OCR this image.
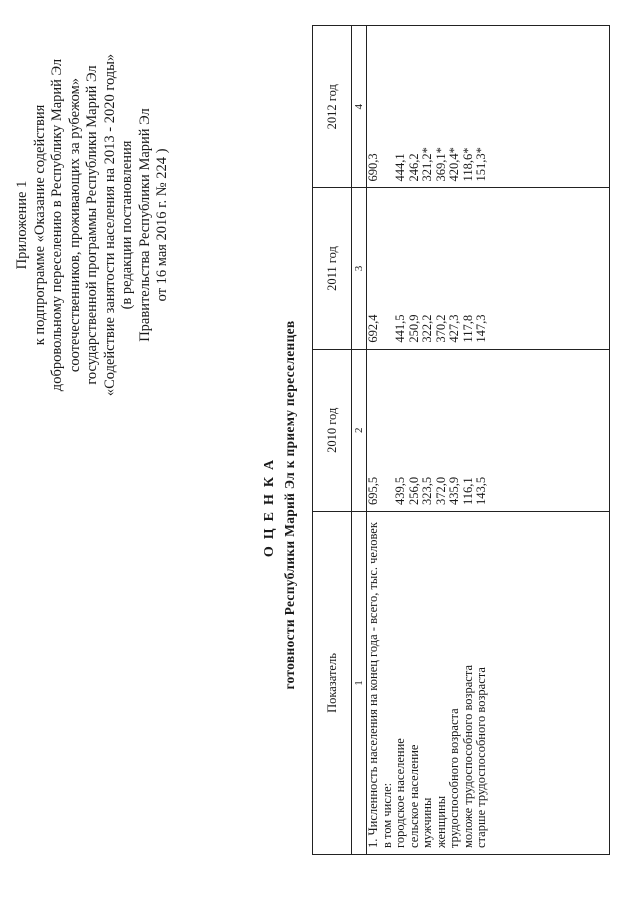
Приложение 1 к подпрограмме «Оказание содействия добровольному переселению в Республику Марий Эл соотечественников, проживающих за рубежом» государственной программы Республики Марий Эл «Содействие занятости населения на 2013 - 2020 годы» (в редакции постановления Правительства Республики Марий Эл от 16 мая 2016 г. № 224 )
ОЦЕНКА готовности Республики Марий Эл к приему переселенцев Показатель	2010 год	2011 год	2012 год
1	2	3	4
1. Численность населения на конец года - всего, тыс. человек	695,5	692,4	690,3
в том числе:			
городское население	439,5	441,5	444,1
сельское население	256,0	250,9	246,2
мужчины	323,5	322,2	321,2*
женщины	372,0	370,2	369,1*
трудоспособного возраста	435,9	427,3	420,4*
моложе трудоспособного возраста	116,1	117,8	118,6*
старше трудоспособного возраста	143,5	147,3	151,3*
